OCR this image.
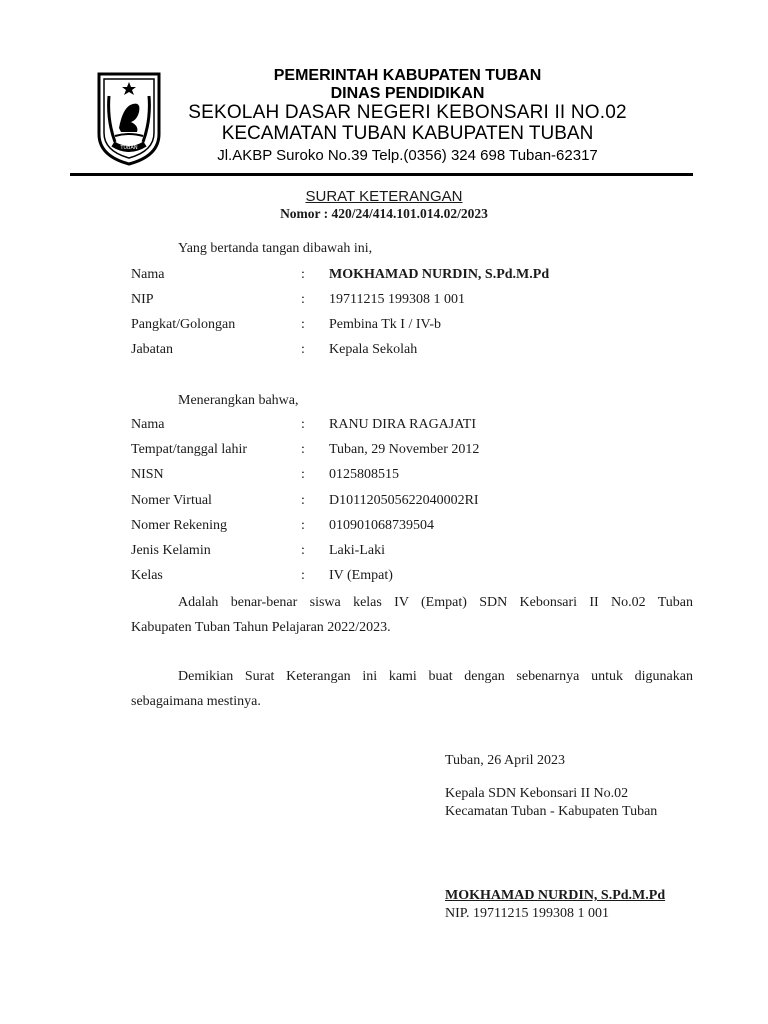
TUBAN
PEMERINTAH KABUPATEN TUBAN
DINAS PENDIDIKAN
SEKOLAH DASAR NEGERI KEBONSARI II NO.02
KECAMATAN TUBAN KABUPATEN TUBAN
Jl.AKBP Suroko No.39 Telp.(0356) 324 698 Tuban-62317
SURAT KETERANGAN
Nomor : 420/24/414.101.014.02/2023
Yang bertanda tangan dibawah ini,
Nama	: MOKHAMAD NURDIN, S.Pd.M.Pd
NIP	: 19711215 199308 1 001
Pangkat/Golongan	: Pembina Tk I / IV-b
Jabatan	: Kepala Sekolah
Menerangkan bahwa,
Nama	: RANU DIRA RAGAJATI
Tempat/tanggal lahir	: Tuban, 29 November 2012
NISN	: 0125808515
Nomer Virtual	: D101120505622040002RI
Nomer Rekening	: 010901068739504
Jenis Kelamin	: Laki-Laki
Kelas	: IV (Empat)
Adalah benar-benar siswa kelas IV (Empat) SDN Kebonsari II No.02 Tuban
Kabupaten Tuban Tahun Pelajaran 2022/2023.
Demikian Surat Keterangan ini kami buat dengan sebenarnya untuk digunakan
sebagaimana mestinya.
Tuban, 26 April 2023
Kepala SDN Kebonsari II No.02
Kecamatan Tuban - Kabupaten Tuban
MOKHAMAD NURDIN, S.Pd.M.Pd
NIP. 19711215 199308 1 001
